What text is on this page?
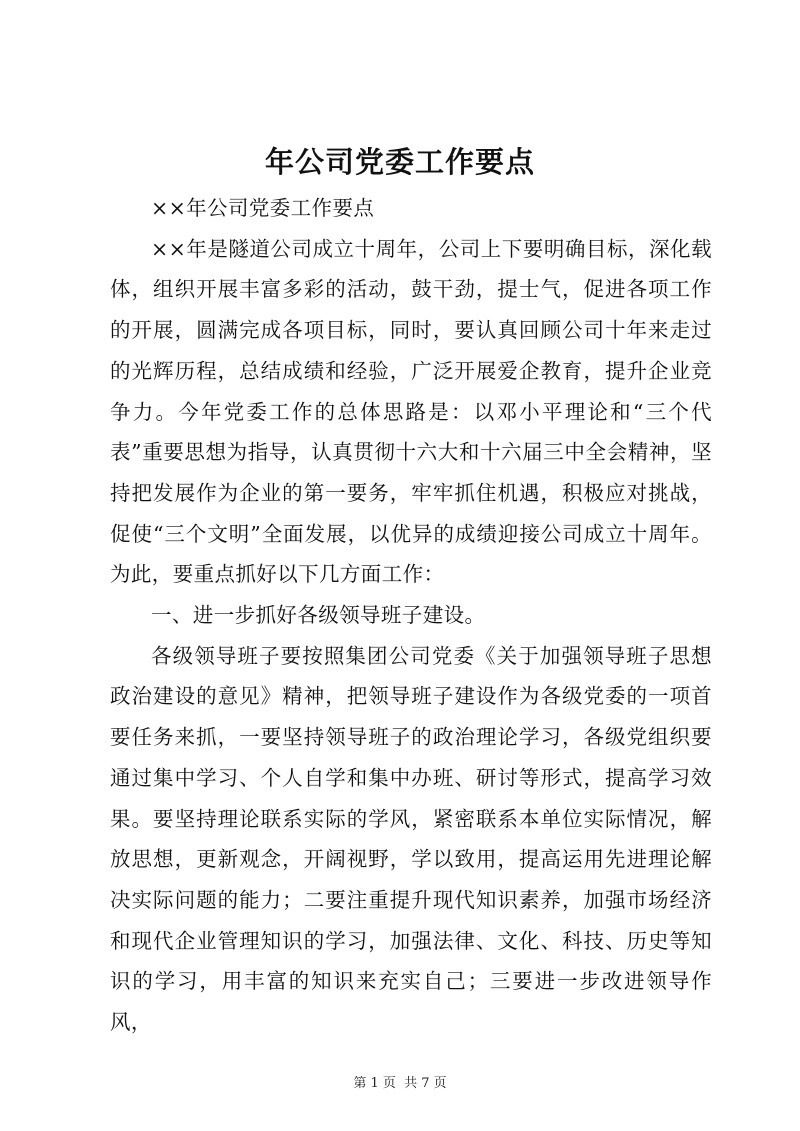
年公司党委工作要点

××年公司党委工作要点

××年是隧道公司成立十周年，公司上下要明确目标，深化载体，组织开展丰富多彩的活动，鼓干劲，提士气，促进各项工作的开展，圆满完成各项目标，同时，要认真回顾公司十年来走过的光辉历程，总结成绩和经验，广泛开展爱企教育，提升企业竞争力。今年党委工作的总体思路是：以邓小平理论和“三个代表”重要思想为指导，认真贯彻十六大和十六届三中全会精神，坚持把发展作为企业的第一要务，牢牢抓住机遇，积极应对挑战，促使“三个文明”全面发展，以优异的成绩迎接公司成立十周年。为此，要重点抓好以下几方面工作：

一、进一步抓好各级领导班子建设。

各级领导班子要按照集团公司党委《关于加强领导班子思想政治建设的意见》精神，把领导班子建设作为各级党委的一项首要任务来抓，一要坚持领导班子的政治理论学习，各级党组织要通过集中学习、个人自学和集中办班、研讨等形式，提高学习效果。要坚持理论联系实际的学风，紧密联系本单位实际情况，解放思想，更新观念，开阔视野，学以致用，提高运用先进理论解决实际问题的能力；二要注重提升现代知识素养，加强市场经济和现代企业管理知识的学习，加强法律、文化、科技、历史等知识的学习，用丰富的知识来充实自己；三要进一步改进领导作风，

第 1 页 共 7 页
